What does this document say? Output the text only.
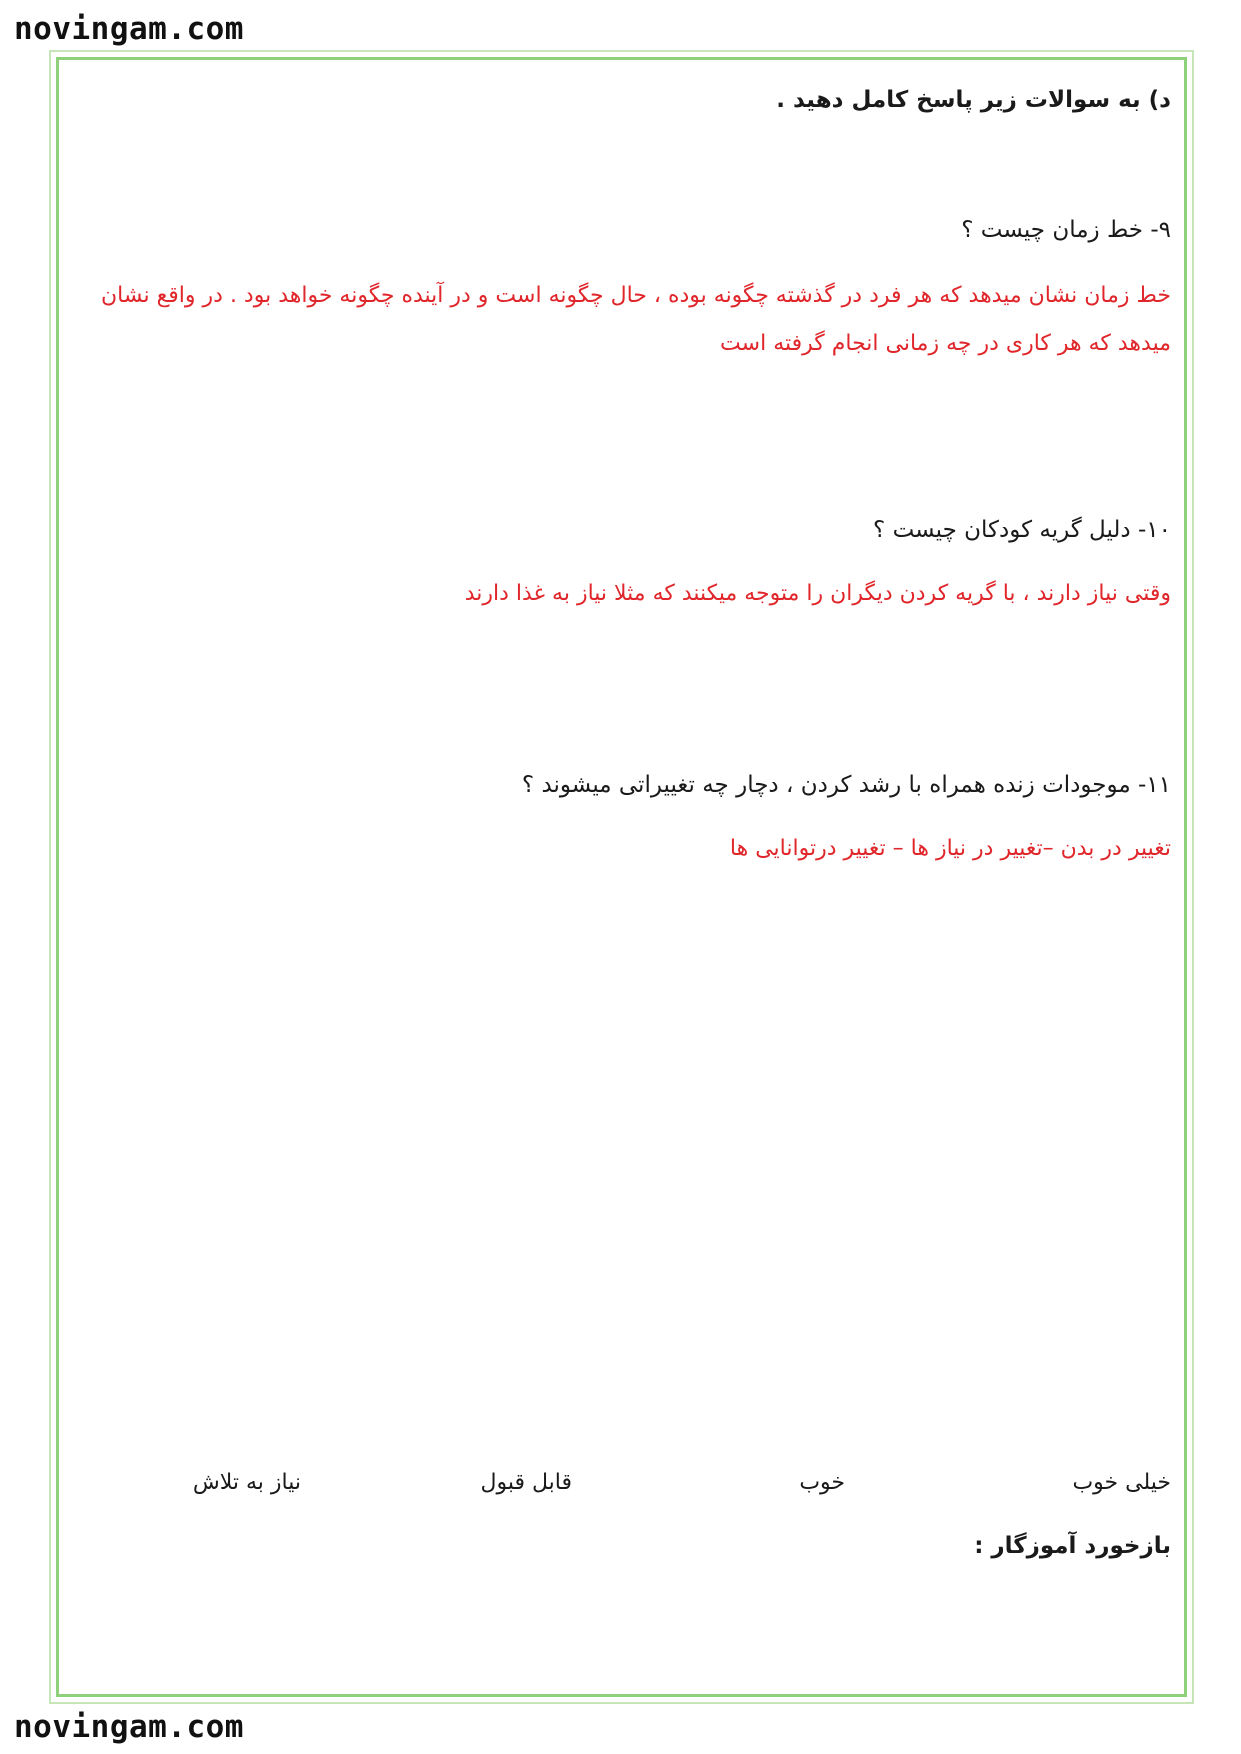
novingam.com
د) به سوالات زیر پاسخ کامل دهید .
۹- خط زمان چیست ؟
خط زمان نشان میدهد که هر فرد در گذشته چگونه بوده ، حال چگونه است و در آینده چگونه خواهد بود . در واقع نشان میدهد که هر کاری در چه زمانی انجام گرفته است
۱۰- دلیل گریه کودکان چیست ؟
وقتی نیاز دارند ، با گریه کردن دیگران را متوجه میکنند که مثلا نیاز به غذا دارند
۱۱- موجودات زنده همراه با رشد کردن ، دچار چه تغییراتی میشوند ؟
تغییر در بدن –تغییر در نیاز ها – تغییر درتوانایی ها
خیلی خوب
خوب
قابل قبول
نیاز به تلاش
بازخورد آموزگار :
novingam.com
